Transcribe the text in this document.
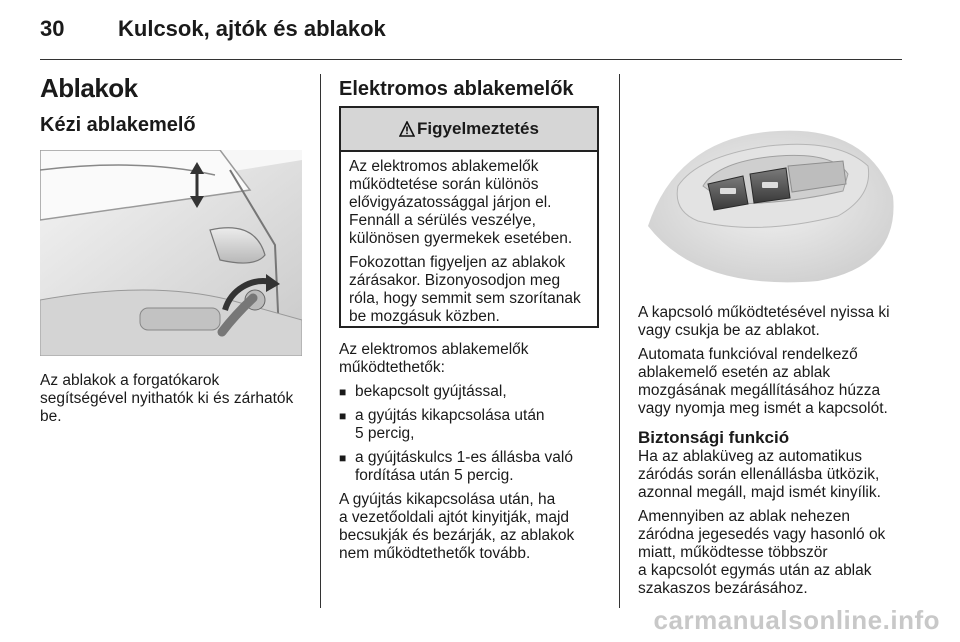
30 Kulcsok, ajtók és ablakok
Ablakok
Kézi ablakemelő
Az ablakok a forgatókarok
segítségével nyithatók ki és zárhatók
be.
Elektromos ablakemelők
Figyelmeztetés

Az elektromos ablakemelők
működtetése során különös
elővigyázatossággal járjon el.
Fennáll a sérülés veszélye,
különösen gyermekek esetében.

Fokozottan figyeljen az ablakok
zárásakor. Bizonyosodjon meg
róla, hogy semmit sem szorítanak
be mozgásuk közben.

Az elektromos ablakemelők
működtethetők:
■ bekapcsolt gyújtással,
■ a gyújtás kikapcsolása után
5 percig,
■ a gyújtáskulcs 1-es állásba való
fordítása után 5 percig.
A gyújtás kikapcsolása után, ha
a vezetőoldali ajtót kinyitják, majd
becsukják és bezárják, az ablakok
nem működtethetők tovább.
A kapcsoló működtetésével nyissa ki
vagy csukja be az ablakot.
Automata funkcióval rendelkező
ablakemelő esetén az ablak
mozgásának megállításához húzza
vagy nyomja meg ismét a kapcsolót.
Biztonsági funkció
Ha az ablaküveg az automatikus
záródás során ellenállásba ütközik,
azonnal megáll, majd ismét kinyílik.
Amennyiben az ablak nehezen
záródna jegesedés vagy hasonló ok
miatt, működtesse többször
a kapcsolót egymás után az ablak
szakaszos bezárásához.
carmanualsonline.info
